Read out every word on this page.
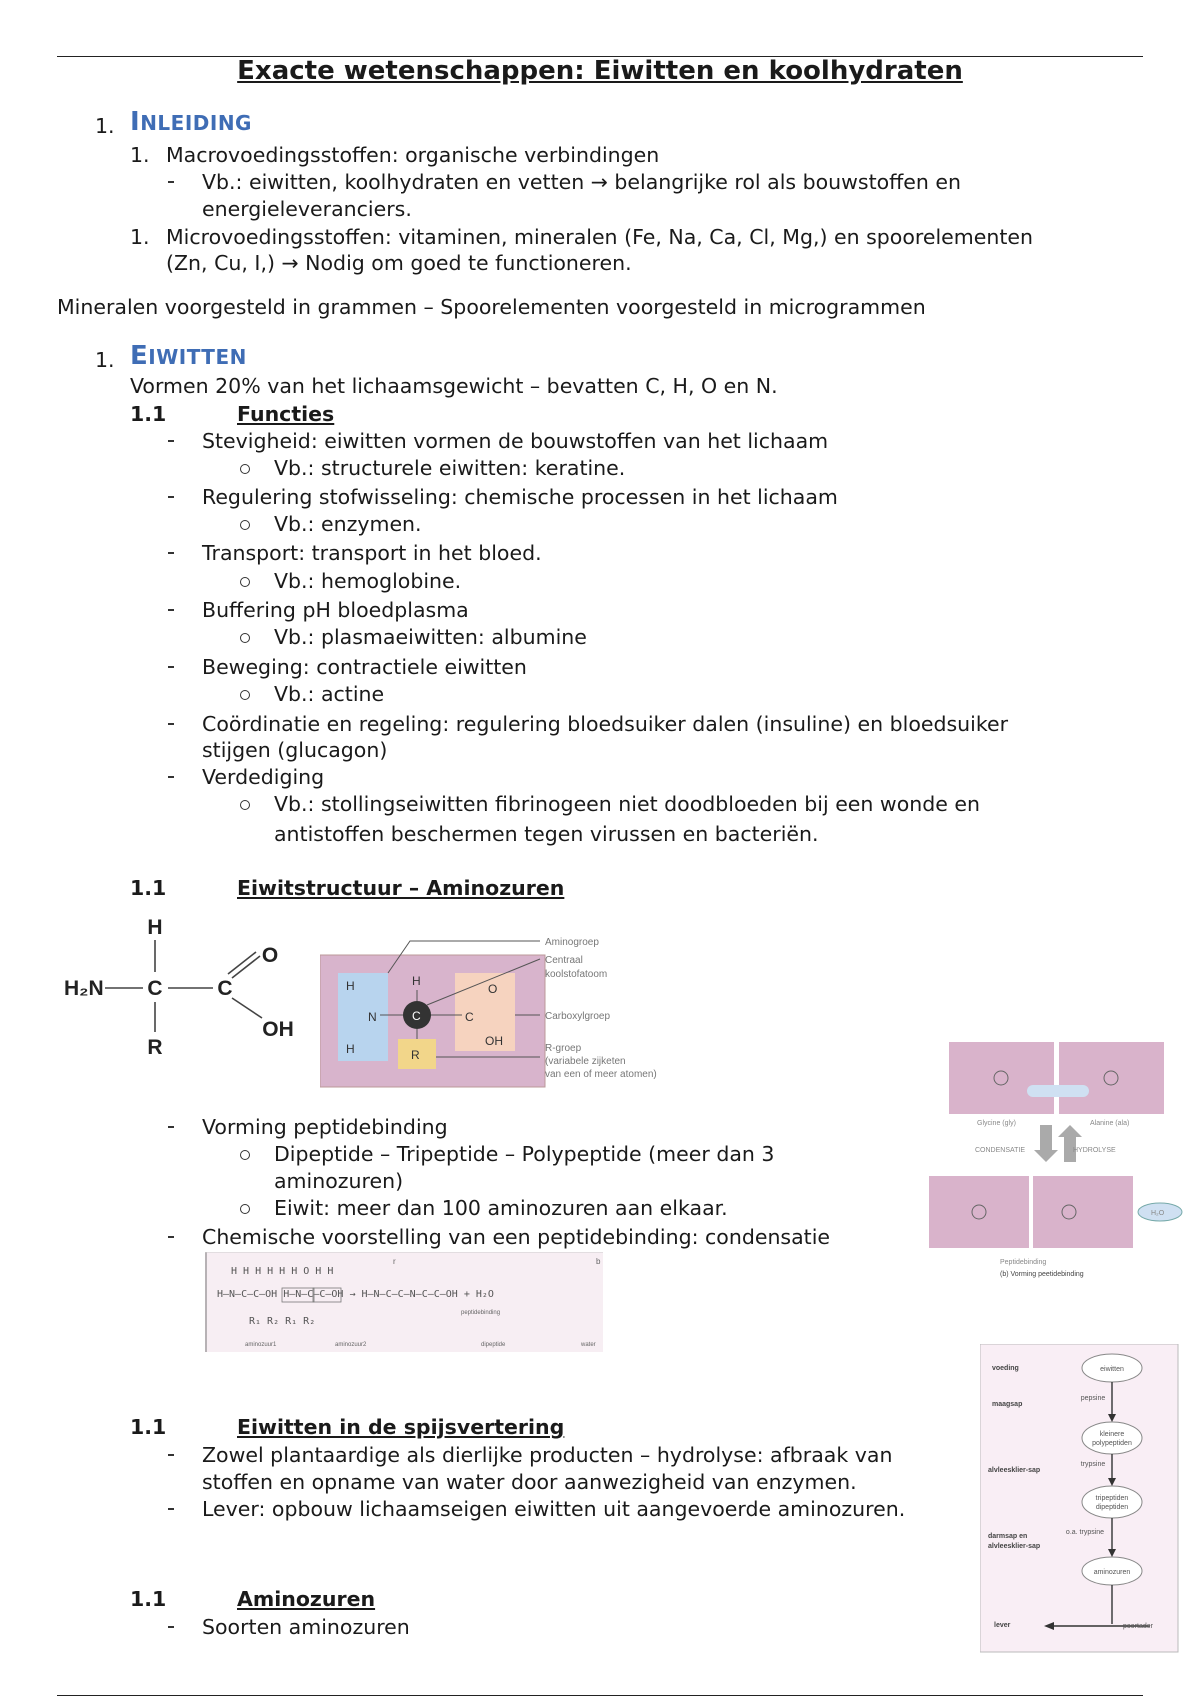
Exacte wetenschappen: Eiwitten en koolhydraten
1. INLEIDING
1. Macrovoedingsstoffen: organische verbindingen
Vb.: eiwitten, koolhydraten en vetten → belangrijke rol als bouwstoffen en
energieleveranciers.
1. Microvoedingsstoffen: vitaminen, mineralen (Fe, Na, Ca, Cl, Mg,) en spoorelementen
(Zn, Cu, I,) → Nodig om goed te functioneren.
Mineralen voorgesteld in grammen – Spoorelementen voorgesteld in microgrammen
1. EIWITTEN
Vormen 20% van het lichaamsgewicht – bevatten C, H, O en N.
1.1	Functies
Stevigheid: eiwitten vormen de bouwstoffen van het lichaam
Vb.: structurele eiwitten: keratine.
Regulering stofwisseling: chemische processen in het lichaam
Vb.: enzymen.
Transport: transport in het bloed.
Vb.: hemoglobine.
Buffering pH bloedplasma
Vb.: plasmaeiwitten: albumine
Beweging: contractiele eiwitten
Vb.: actine
Coördinatie en regeling: regulering bloedsuiker dalen (insuline) en bloedsuiker
stijgen (glucagon)
Verdediging
Vb.: stollingseiwitten fibrinogeen niet doodbloeden bij een wonde en
antistoffen beschermen tegen virussen en bacteriën.
1.1	Eiwitstructuur – Aminozuren
H
H₂N C	C
O
OH
R
H
N
H
H
C	C
O
OH
R
Aminogroep
Centraal
koolstofatoom
Carboxylgroep
R-groep
(variabele zijketen
van een of meer atomen)
Glycine (gly)	Alanine (ala)
CONDENSATIE	HYDROLYSE
Peptidebinding
(b) Vorming peetidebinding
H₂O
Vorming peptidebinding
Dipeptide – Tripeptide – Polypeptide (meer dan 3
aminozuren)
Eiwit: meer dan 100 aminozuren aan elkaar.
Chemische voorstelling van een peptidebinding: condensatie
H–N–C–C–OH H–N–C–C–OH → H–N–C–C–N–C–C–OH + H₂O
H H H H H H O H H
R₁ R₂ R₁ R₂
peptidebinding
aminozuur1	aminozuur2	dipeptide	water
r	b
voeding
maagsap
alvleesklier-sap
darmsap en
alvleesklier-sap
lever
eiwitten
kleinere
polypeptiden
tripeptiden
dipeptiden
aminozuren
pepsine
trypsine
o.a. trypsine
poortader
1.1	Eiwitten in de spijsvertering
Zowel plantaardige als dierlijke producten – hydrolyse: afbraak van
stoffen en opname van water door aanwezigheid van enzymen.
Lever: opbouw lichaamseigen eiwitten uit aangevoerde aminozuren.
1.1	Aminozuren
Soorten aminozuren
